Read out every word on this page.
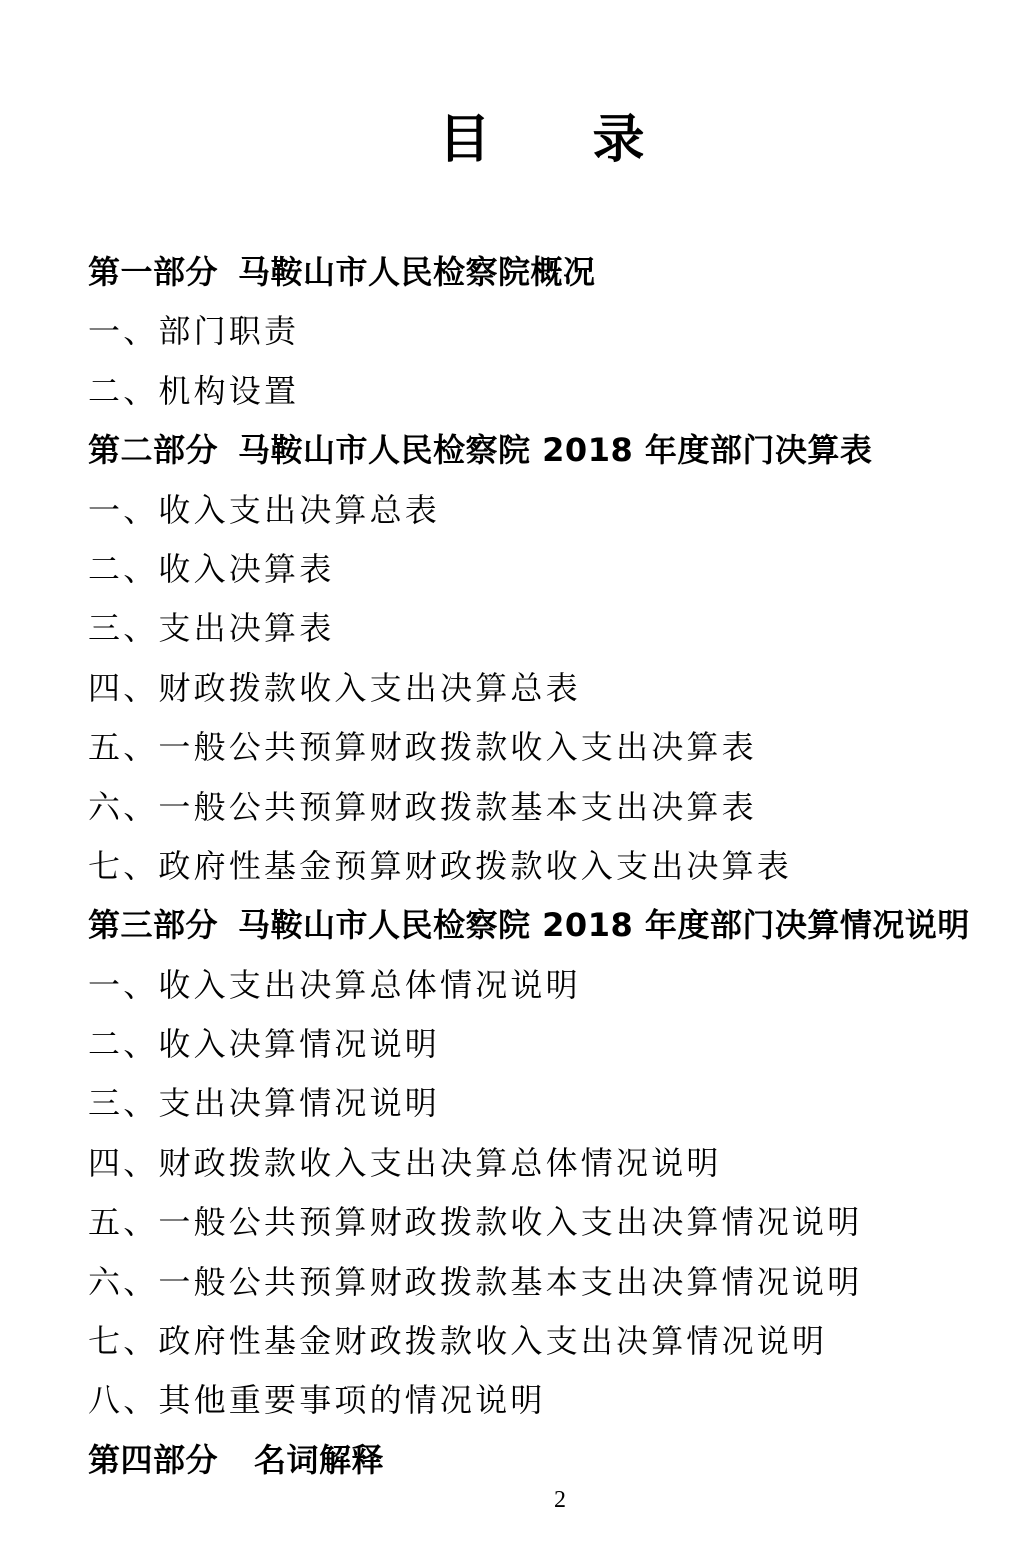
目 录
第一部分 马鞍山市人民检察院概况
一、部门职责
二、机构设置
第二部分 马鞍山市人民检察院 2018 年度部门决算表
一、收入支出决算总表
二、收入决算表
三、支出决算表
四、财政拨款收入支出决算总表
五、一般公共预算财政拨款收入支出决算表
六、一般公共预算财政拨款基本支出决算表
七、政府性基金预算财政拨款收入支出决算表
第三部分 马鞍山市人民检察院 2018 年度部门决算情况说明
一、收入支出决算总体情况说明
二、收入决算情况说明
三、支出决算情况说明
四、财政拨款收入支出决算总体情况说明
五、一般公共预算财政拨款收入支出决算情况说明
六、一般公共预算财政拨款基本支出决算情况说明
七、政府性基金财政拨款收入支出决算情况说明
八、其他重要事项的情况说明
第四部分 名词解释
2
